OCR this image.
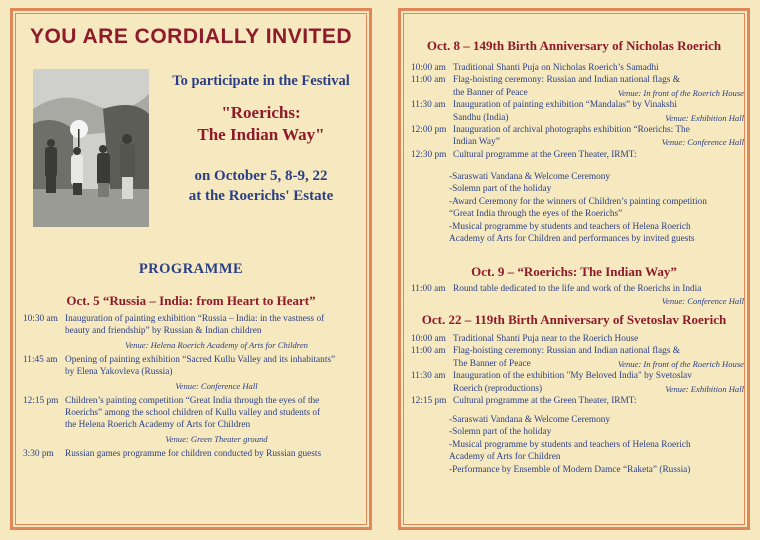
YOU ARE CORDIALLY INVITED
To participate in the Festival
"Roerichs:
The Indian Way"
on October 5, 8-9, 22
at the Roerichs' Estate
PROGRAMME
Oct. 5 “Russia – India: from Heart to Heart”
10:30 am Inauguration of painting exhibition “Russia – India: in the vastness of
beauty and friendship” by Russian & Indian children
Venue: Helena Roerich Academy of Arts for Children
11:45 am Opening of painting exhibition “Sacred Kullu Valley and its inhabitants”
by Elena Yakovleva (Russia)
Venue: Conference Hall
12:15 pm Children’s painting competition “Great India through the eyes of the
Roerichs” among the school children of Kullu valley and students of
the Helena Roerich Academy of Arts for Children
Venue: Green Theater ground
3:30 pm	Russian games programme for children conducted by Russian guests
Oct. 8 – 149th Birth Anniversary of Nicholas Roerich
10:00 am Traditional Shanti Puja on Nicholas Roerich’s Samadhi
11:00 am Flag-hoisting ceremony: Russian and Indian national flags &
the Banner of Peace	Venue: In front of the Roerich House
11:30 am Inauguration of painting exhibition “Mandalas” by Vinakshi
Sandhu (India)	Venue: Exhibition Hall
12:00 pm Inauguration of archival photographs exhibition “Roerichs: The
Indian Way”	Venue: Conference Hall
12:30 pm Cultural programme at the Green Theater, IRMT:
-Saraswati Vandana & Welcome Ceremony
-Solemn part of the holiday
-Award Ceremony for the winners of Children’s painting competition
“Great India through the eyes of the Roerichs”
-Musical programme by students and teachers of Helena Roerich
Academy of Arts for Children and performances by invited guests
Oct. 9 – “Roerichs: The Indian Way”
11:00 am Round table dedicated to the life and work of the Roerichs in India
Venue: Conference Hall
Oct. 22 – 119th Birth Anniversary of Svetoslav Roerich
10:00 am Traditional Shanti Puja near to the Roerich House
11:00 am Flag-hoisting ceremony: Russian and Indian national flags &
The Banner of Peace	Venue: In front of the Roerich House
11:30 am Inauguration of the exhibition "My Beloved India" by Svetoslav
Roerich (reproductions)	Venue: Exhibition Hall
12:15 pm Cultural programme at the Green Theater, IRMT:
-Saraswati Vandana & Welcome Ceremony
-Solemn part of the holiday
-Musical programme by students and teachers of Helena Roerich
Academy of Arts for Children
-Performance by Ensemble of Modern Damce “Raketa” (Russia)
